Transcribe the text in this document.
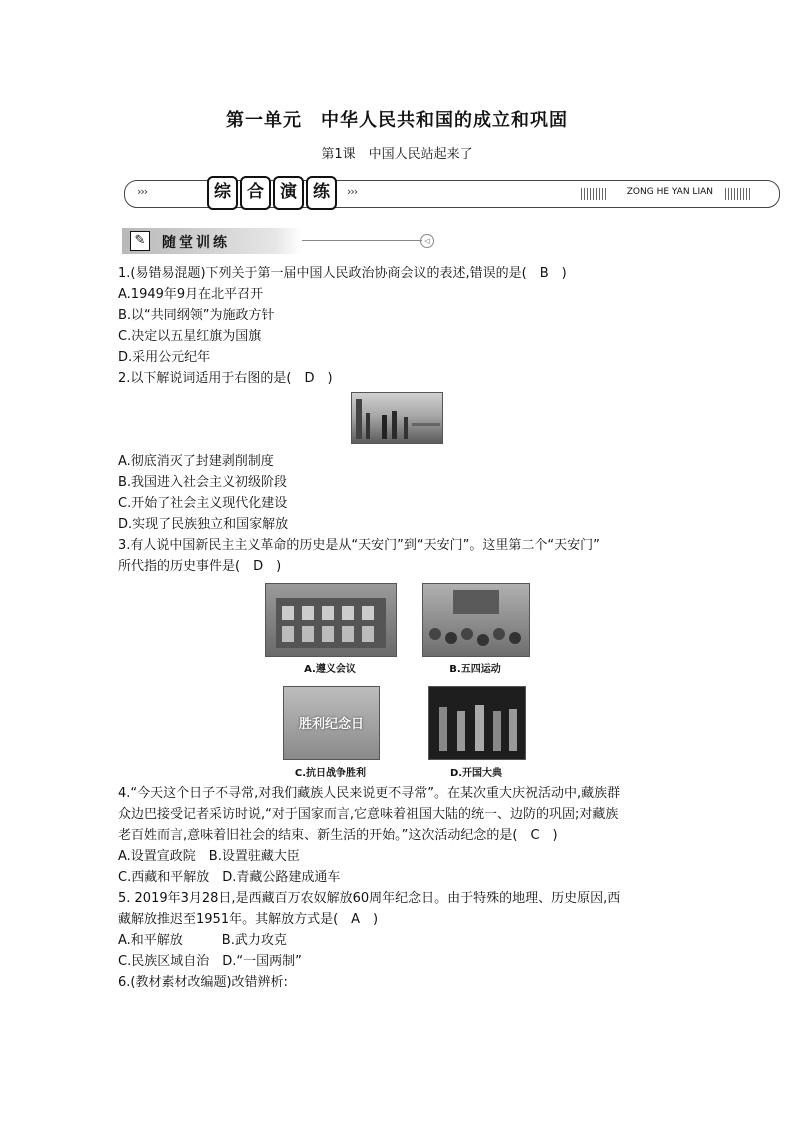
第一单元　中华人民共和国的成立和巩固
第1课　中国人民站起来了
›››	综 合 演 练	›››	ZONG HE YAN LIAN
✎	随堂训练	◁
1.(易错易混题)下列关于第一届中国人民政治协商会议的表述,错误的是(　B　)
A.1949年9月在北平召开
B.以“共同纲领”为施政方针
C.决定以五星红旗为国旗
D.采用公元纪年
2.以下解说词适用于右图的是(　D　)
A.彻底消灭了封建剥削制度
B.我国进入社会主义初级阶段
C.开始了社会主义现代化建设
D.实现了民族独立和国家解放
3.有人说中国新民主主义革命的历史是从“天安门”到“天安门”。这里第二个“天安门”
所代指的历史事件是(　D　)
A.遵义会议	B.五四运动
胜利纪念日
C.抗日战争胜利	D.开国大典
4.“今天这个日子不寻常,对我们藏族人民来说更不寻常”。在某次重大庆祝活动中,藏族群
众边巴接受记者采访时说,“对于国家而言,它意味着祖国大陆的统一、边防的巩固;对藏族
老百姓而言,意味着旧社会的结束、新生活的开始。”这次活动纪念的是(　C　)
A.设置宣政院　B.设置驻藏大臣
C.西藏和平解放　D.青藏公路建成通车
5. 2019年3月28日,是西藏百万农奴解放60周年纪念日。由于特殊的地理、历史原因,西
藏解放推迟至1951年。其解放方式是(　A　)
A.和平解放　　　B.武力攻克
C.民族区域自治　D.“一国两制”
6.(教材素材改编题)改错辨析:
